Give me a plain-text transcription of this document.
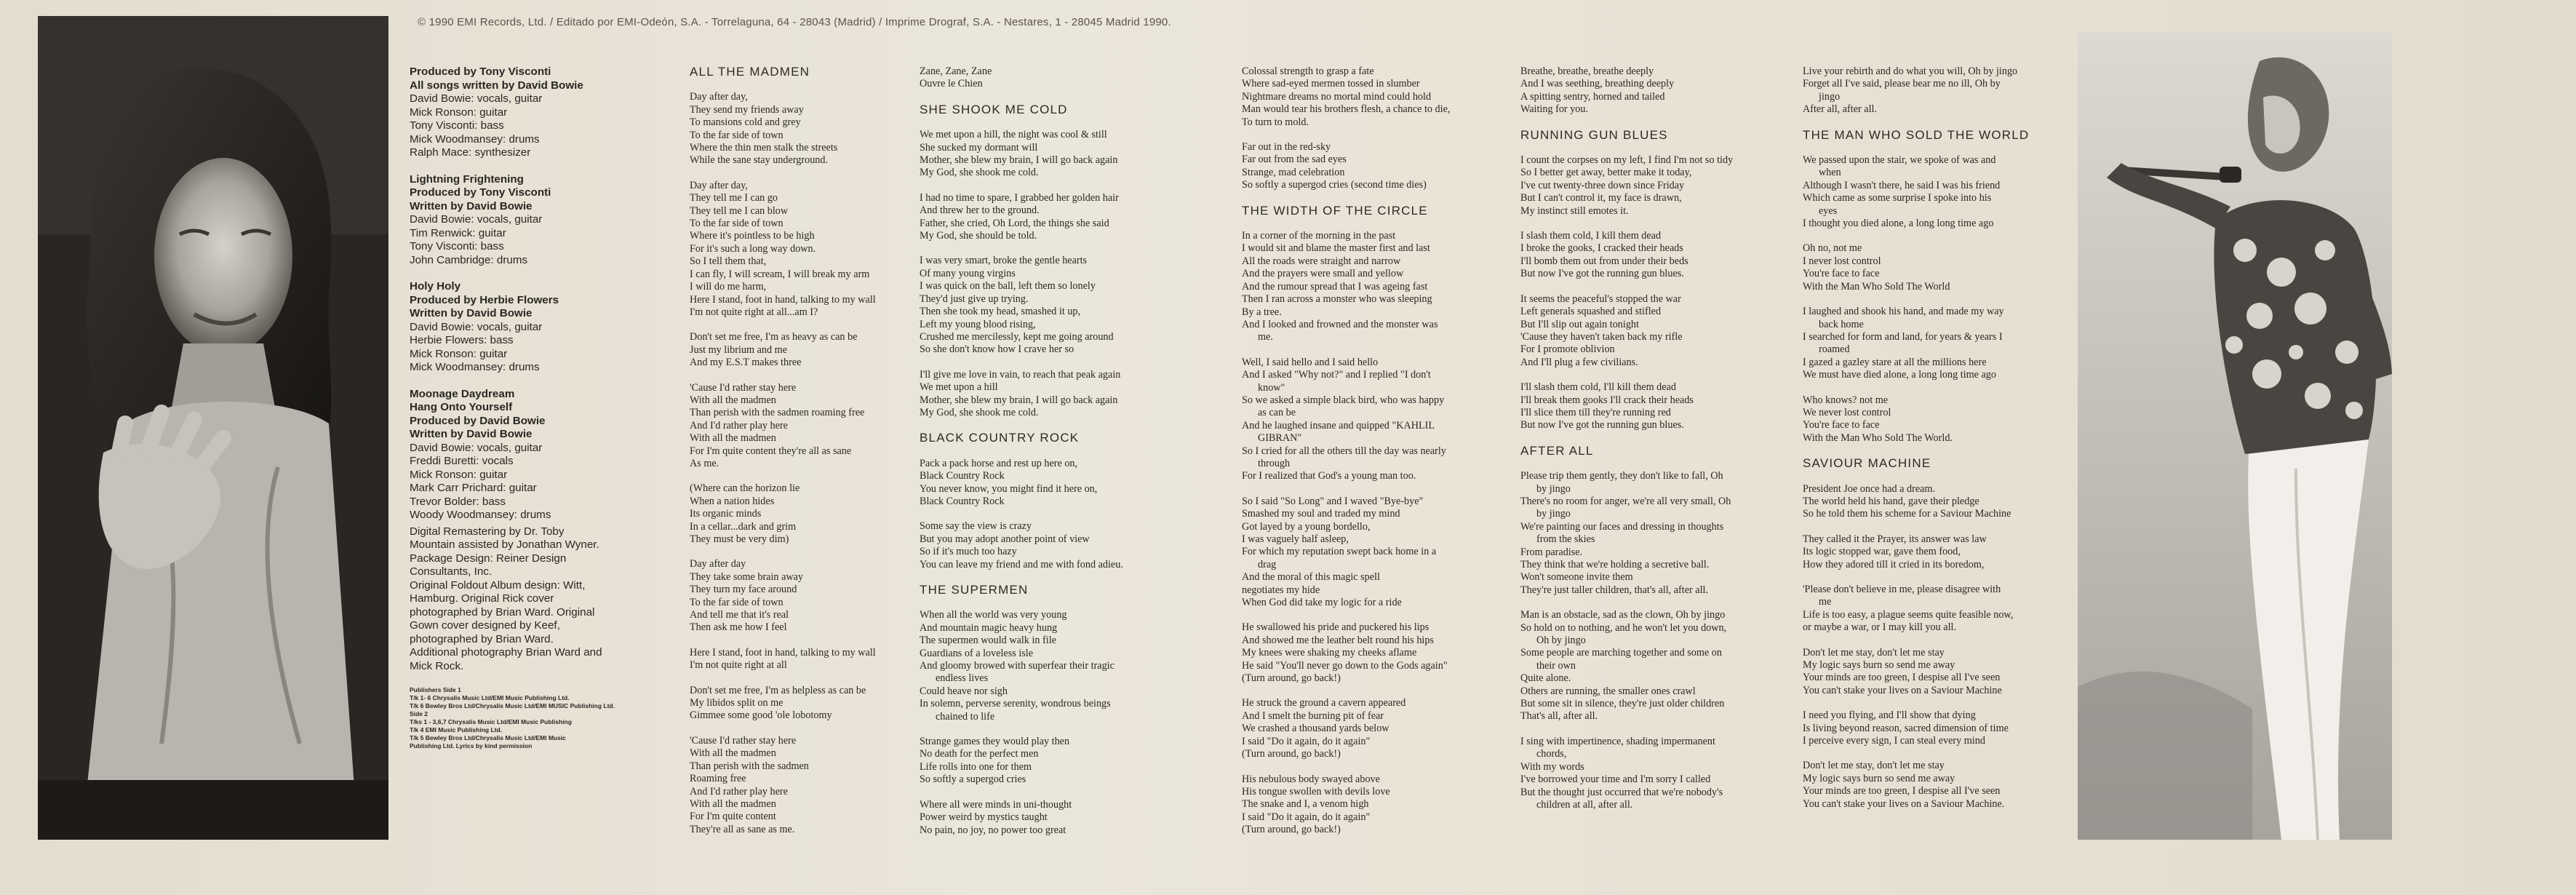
© 1990 EMI Records, Ltd. / Editado por EMI-Odeón, S.A. - Torrelaguna, 64 - 28043 (Madrid) / Imprime Drograf, S.A. - Nestares, 1 - 28045 Madrid 1990.
Produced by Tony Visconti
All songs written by David Bowie
David Bowie: vocals, guitar
Mick Ronson: guitar
Tony Visconti: bass
Mick Woodmansey: drums
Ralph Mace: synthesizer
Lightning Frightening
Produced by Tony Visconti
Written by David Bowie
David Bowie: vocals, guitar
Tim Renwick: guitar
Tony Visconti: bass
John Cambridge: drums
Holy Holy
Produced by Herbie Flowers
Written by David Bowie
David Bowie: vocals, guitar
Herbie Flowers: bass
Mick Ronson: guitar
Mick Woodmansey: drums
Moonage Daydream
Hang Onto Yourself
Produced by David Bowie
Written by David Bowie
David Bowie: vocals, guitar
Freddi Buretti: vocals
Mick Ronson: guitar
Mark Carr Prichard: guitar
Trevor Bolder: bass
Woody Woodmansey: drums
Digital Remastering by Dr. Toby
Mountain assisted by Jonathan Wyner.
Package Design: Reiner Design
Consultants, Inc.
Original Foldout Album design: Witt,
Hamburg. Original Rick cover
photographed by Brian Ward. Original
Gown cover designed by Keef,
photographed by Brian Ward.
Additional photography Brian Ward and
Mick Rock.
Publishers Side 1
T/k 1- 6 Chrysalis Music Ltd/EMI Music Publishing Ltd.
T/k 6 Bewley Bros Ltd/Chrysalis Music Ltd/EMI MUSIC Publishing Ltd.
Side 2
T/ks 1 - 3,6,7 Chrysalis Music Ltd/EMI Music Publishing
T/k 4 EMI Music Publishing Ltd.
T/k 5 Bewley Bros Ltd/Chrysalis Music Ltd/EMI Music
Publishing Ltd. Lyrics by kind permission
ALL THE MADMEN

Day after day,
They send my friends away
To mansions cold and grey
To the far side of town
Where the thin men stalk the streets
While the sane stay underground.

Day after day,
They tell me I can go
They tell me I can blow
To the far side of town
Where it's pointless to be high
For it's such a long way down.
So I tell them that,
I can fly, I will scream, I will break my arm
I will do me harm,
Here I stand, foot in hand, talking to my wall
I'm not quite right at all...am I?

Don't set me free, I'm as heavy as can be
Just my librium and me
And my E.S.T makes three

'Cause I'd rather stay here
With all the madmen
Than perish with the sadmen roaming free
And I'd rather play here
With all the madmen
For I'm quite content they're all as sane
As me.

(Where can the horizon lie
When a nation hides
Its organic minds
In a cellar...dark and grim
They must be very dim)

Day after day
They take some brain away
They turn my face around
To the far side of town
And tell me that it's real
Then ask me how I feel

Here I stand, foot in hand, talking to my wall
I'm not quite right at all

Don't set me free, I'm as helpless as can be
My libidos split on me
Gimmee some good 'ole lobotomy

'Cause I'd rather stay here
With all the madmen
Than perish with the sadmen
Roaming free
And I'd rather play here
With all the madmen
For I'm quite content
They're all as sane as me.

Zane, Zane, Zane
Ouvre le Chien

SHE SHOOK ME COLD

We met upon a hill, the night was cool & still
She sucked my dormant will
Mother, she blew my brain, I will go back again
My God, she shook me cold.

I had no time to spare, I grabbed her golden hair
And threw her to the ground.
Father, she cried, Oh Lord, the things she said
My God, she should be told.

I was very smart, broke the gentle hearts
Of many young virgins
I was quick on the ball, left them so lonely
They'd just give up trying.
Then she took my head, smashed it up,
Left my young blood rising,
Crushed me mercilessly, kept me going around
So she don't know how I crave her so

I'll give me love in vain, to reach that peak again
We met upon a hill
Mother, she blew my brain, I will go back again
My God, she shook me cold.

BLACK COUNTRY ROCK

Pack a pack horse and rest up here on,
Black Country Rock
You never know, you might find it here on,
Black Country Rock

Some say the view is crazy
But you may adopt another point of view
So if it's much too hazy
You can leave my friend and me with fond adieu.

THE SUPERMEN

When all the world was very young
And mountain magic heavy hung
The supermen would walk in file
Guardians of a loveless isle
And gloomy browed with superfear their tragic
endless lives
Could heave nor sigh
In solemn, perverse serenity, wondrous beings
chained to life

Strange games they would play then
No death for the perfect men
Life rolls into one for them
So softly a supergod cries

Where all were minds in uni-thought
Power weird by mystics taught
No pain, no joy, no power too great

Colossal strength to grasp a fate
Where sad-eyed mermen tossed in slumber
Nightmare dreams no mortal mind could hold
Man would tear his brothers flesh, a chance to die,
To turn to mold.

Far out in the red-sky
Far out from the sad eyes
Strange, mad celebration
So softly a supergod cries (second time dies)

THE WIDTH OF THE CIRCLE

In a corner of the morning in the past
I would sit and blame the master first and last
All the roads were straight and narrow
And the prayers were small and yellow
And the rumour spread that I was ageing fast
Then I ran across a monster who was sleeping
By a tree.
And I looked and frowned and the monster was
me.

Well, I said hello and I said hello
And I asked "Why not?" and I replied "I don't
know"
So we asked a simple black bird, who was happy
as can be
And he laughed insane and quipped "KAHLIL
GIBRAN"
So I cried for all the others till the day was nearly
through
For I realized that God's a young man too.

So I said "So Long" and I waved "Bye-bye"
Smashed my soul and traded my mind
Got layed by a young bordello,
I was vaguely half asleep,
For which my reputation swept back home in a
drag
And the moral of this magic spell
negotiates my hide
When God did take my logic for a ride

He swallowed his pride and puckered his lips
And showed me the leather belt round his hips
My knees were shaking my cheeks aflame
He said "You'll never go down to the Gods again"
(Turn around, go back!)

He struck the ground a cavern appeared
And I smelt the burning pit of fear
We crashed a thousand yards below
I said "Do it again, do it again"
(Turn around, go back!)

His nebulous body swayed above
His tongue swollen with devils love
The snake and I, a venom high
I said "Do it again, do it again"
(Turn around, go back!)

Breathe, breathe, breathe deeply
And I was seething, breathing deeply
A spitting sentry, horned and tailed
Waiting for you.

RUNNING GUN BLUES

I count the corpses on my left, I find I'm not so tidy
So I better get away, better make it today,
I've cut twenty-three down since Friday
But I can't control it, my face is drawn,
My instinct still emotes it.

I slash them cold, I kill them dead
I broke the gooks, I cracked their heads
I'll bomb them out from under their beds
But now I've got the running gun blues.

It seems the peaceful's stopped the war
Left generals squashed and stifled
But I'll slip out again tonight
'Cause they haven't taken back my rifle
For I promote oblivion
And I'll plug a few civilians.

I'll slash them cold, I'll kill them dead
I'll break them gooks I'll crack their heads
I'll slice them till they're running red
But now I've got the running gun blues.

AFTER ALL

Please trip them gently, they don't like to fall, Oh
by jingo
There's no room for anger, we're all very small, Oh
by jingo
We're painting our faces and dressing in thoughts
from the skies
From paradise.
They think that we're holding a secretive ball.
Won't someone invite them
They're just taller children, that's all, after all.

Man is an obstacle, sad as the clown, Oh by jingo
So hold on to nothing, and he won't let you down,
Oh by jingo
Some people are marching together and some on
their own
Quite alone.
Others are running, the smaller ones crawl
But some sit in silence, they're just older children
That's all, after all.

I sing with impertinence, shading impermanent
chords,
With my words
I've borrowed your time and I'm sorry I called
But the thought just occurred that we're nobody's
children at all, after all.

Live your rebirth and do what you will, Oh by jingo
Forget all I've said, please bear me no ill, Oh by
jingo
After all, after all.

THE MAN WHO SOLD THE WORLD

We passed upon the stair, we spoke of was and
when
Although I wasn't there, he said I was his friend
Which came as some surprise I spoke into his
eyes
I thought you died alone, a long long time ago

Oh no, not me
I never lost control
You're face to face
With the Man Who Sold The World

I laughed and shook his hand, and made my way
back home
I searched for form and land, for years & years I
roamed
I gazed a gazley stare at all the millions here
We must have died alone, a long long time ago

Who knows? not me
We never lost control
You're face to face
With the Man Who Sold The World.

SAVIOUR MACHINE

President Joe once had a dream.
The world held his hand, gave their pledge
So he told them his scheme for a Saviour Machine

They called it the Prayer, its answer was law
Its logic stopped war, gave them food,
How they adored till it cried in its boredom,

'Please don't believe in me, please disagree with
me
Life is too easy, a plague seems quite feasible now,
or maybe a war, or I may kill you all.

Don't let me stay, don't let me stay
My logic says burn so send me away
Your minds are too green, I despise all I've seen
You can't stake your lives on a Saviour Machine

I need you flying, and I'll show that dying
Is living beyond reason, sacred dimension of time
I perceive every sign, I can steal every mind

Don't let me stay, don't let me stay
My logic says burn so send me away
Your minds are too green, I despise all I've seen
You can't stake your lives on a Saviour Machine.
